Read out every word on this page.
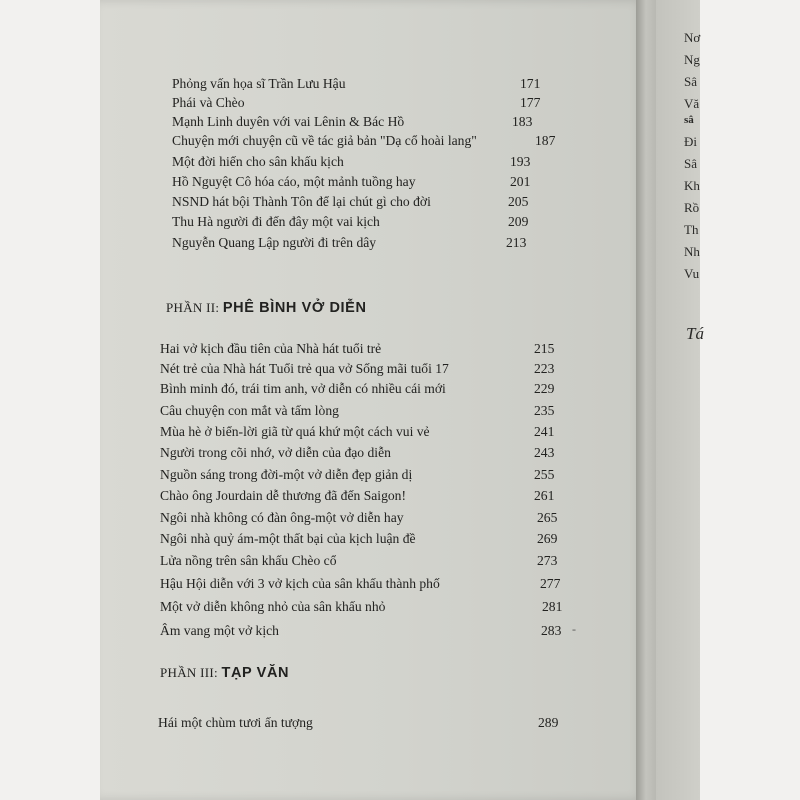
Nơ
Ng
Sâ
Vă
sâ
Đi
Sâ
Kh
Rồ
Th
Nh
Vu
Tá
Phỏng vấn họa sĩ Trần Lưu Hậu	171
Phái và Chèo	177
Mạnh Linh duyên với vai Lênin & Bác Hồ	183
Chuyện mới chuyện cũ về tác giả bản "Dạ cổ hoài lang"	187
Một đời hiến cho sân khấu kịch	193
Hồ Nguyệt Cô hóa cáo, một mảnh tuồng hay	201
NSND hát bội Thành Tôn để lại chút gì cho đời	205
Thu Hà người đi đến đây một vai kịch	209
Nguyễn Quang Lập người đi trên dây	213
PHẦN II: PHÊ BÌNH VỞ DIỄN
Hai vở kịch đầu tiên của Nhà hát tuổi trẻ	215
Nét trẻ của Nhà hát Tuổi trẻ qua vở Sống mãi tuổi 17	223
Bình minh đó, trái tim anh, vở diễn có nhiều cái mới	229
Câu chuyện con mắt và tấm lòng	235
Mùa hè ở biển-lời giã từ quá khứ một cách vui vẻ	241
Người trong cõi nhớ, vở diễn của đạo diễn	243
Nguồn sáng trong đời-một vở diễn đẹp giản dị	255
Chào ông Jourdain dễ thương đã đến Saigon!	261
Ngôi nhà không có đàn ông-một vở diễn hay	265
Ngôi nhà quỷ ám-một thất bại của kịch luận đề	269
Lửa nồng trên sân khấu Chèo cổ	273
Hậu Hội diễn với 3 vở kịch của sân khấu thành phố	277
Một vở diễn không nhỏ của sân khấu nhỏ	281
Âm vang một vở kịch	283 -
PHẦN III: TẠP VĂN
Hái một chùm tươi ấn tượng	289
